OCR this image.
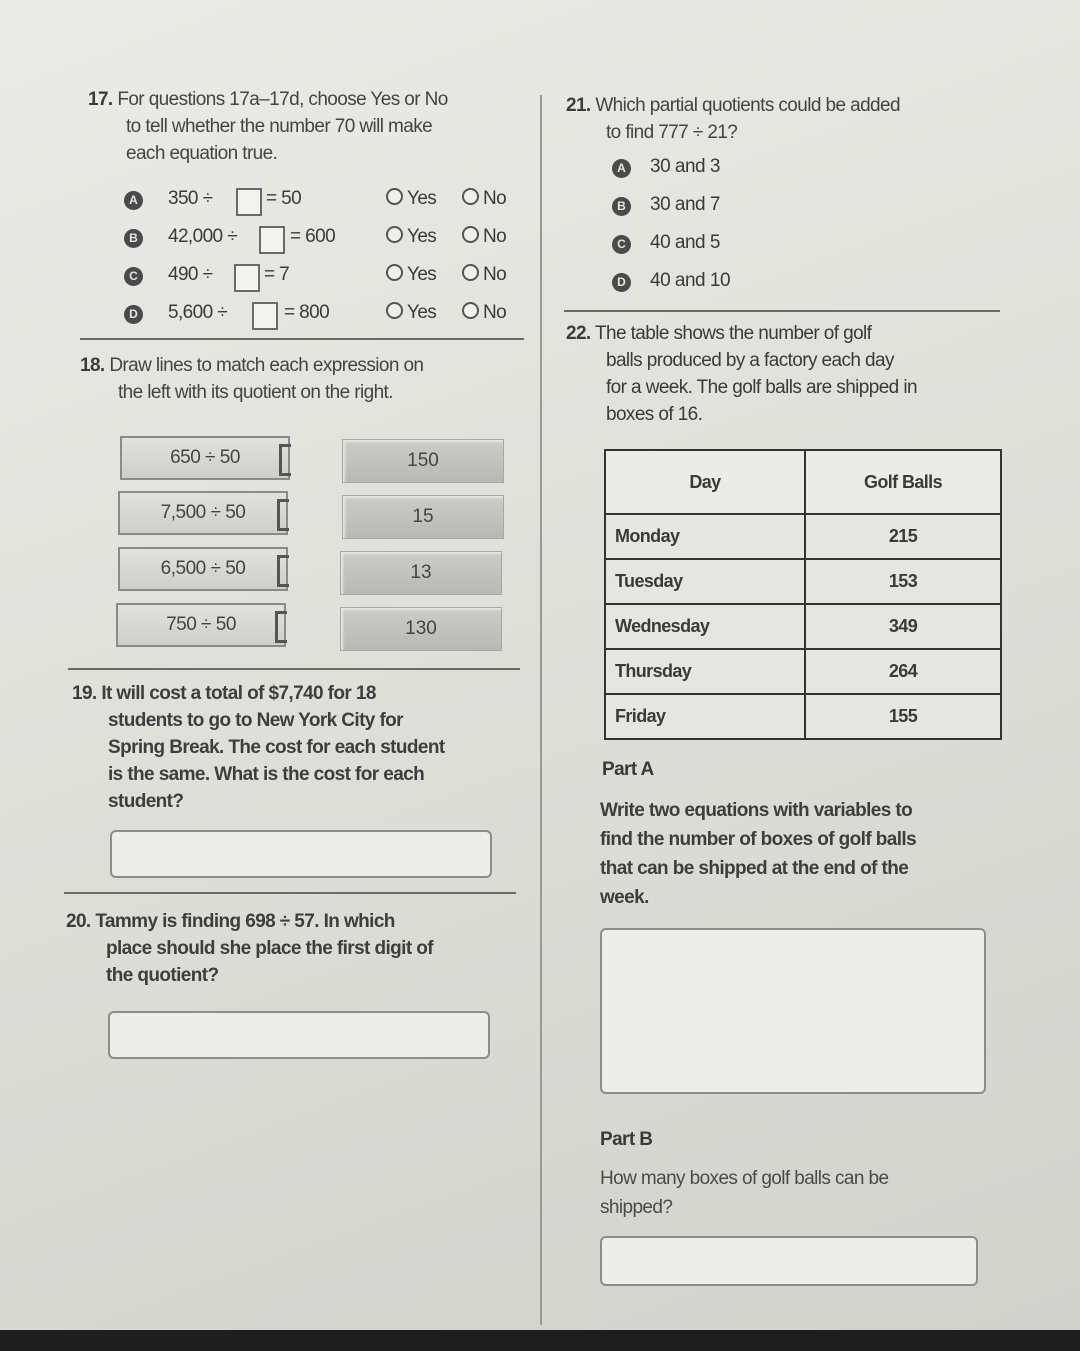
17. For questions 17a–17d, choose Yes or No
to tell whether the number 70 will make
each equation true.
A 350 ÷	= 50	Yes	No
B 42,000 ÷	= 600	Yes	No
C 490 ÷	= 7	Yes	No
D 5,600 ÷	= 800	Yes	No
18. Draw lines to match each expression on
the left with its quotient on the right.
650 ÷ 50
7,500 ÷ 50
6,500 ÷ 50
750 ÷ 50
150
15
13
130
19. It will cost a total of $7,740 for 18
students to go to New York City for
Spring Break. The cost for each student
is the same. What is the cost for each
student?
20. Tammy is finding 698 ÷ 57. In which
place should she place the first digit of
the quotient?
21. Which partial quotients could be added
to find 777 ÷ 21?
A 30 and 3
B 30 and 7
C 40 and 5
D 40 and 10
22. The table shows the number of golf
balls produced by a factory each day
for a week. The golf balls are shipped in
boxes of 16.
Day	Golf Balls
Monday	215
Tuesday	153
Wednesday	349
Thursday	264
Friday	155
Part A
Write two equations with variables to
find the number of boxes of golf balls
that can be shipped at the end of the
week.
Part B
How many boxes of golf balls can be
shipped?
